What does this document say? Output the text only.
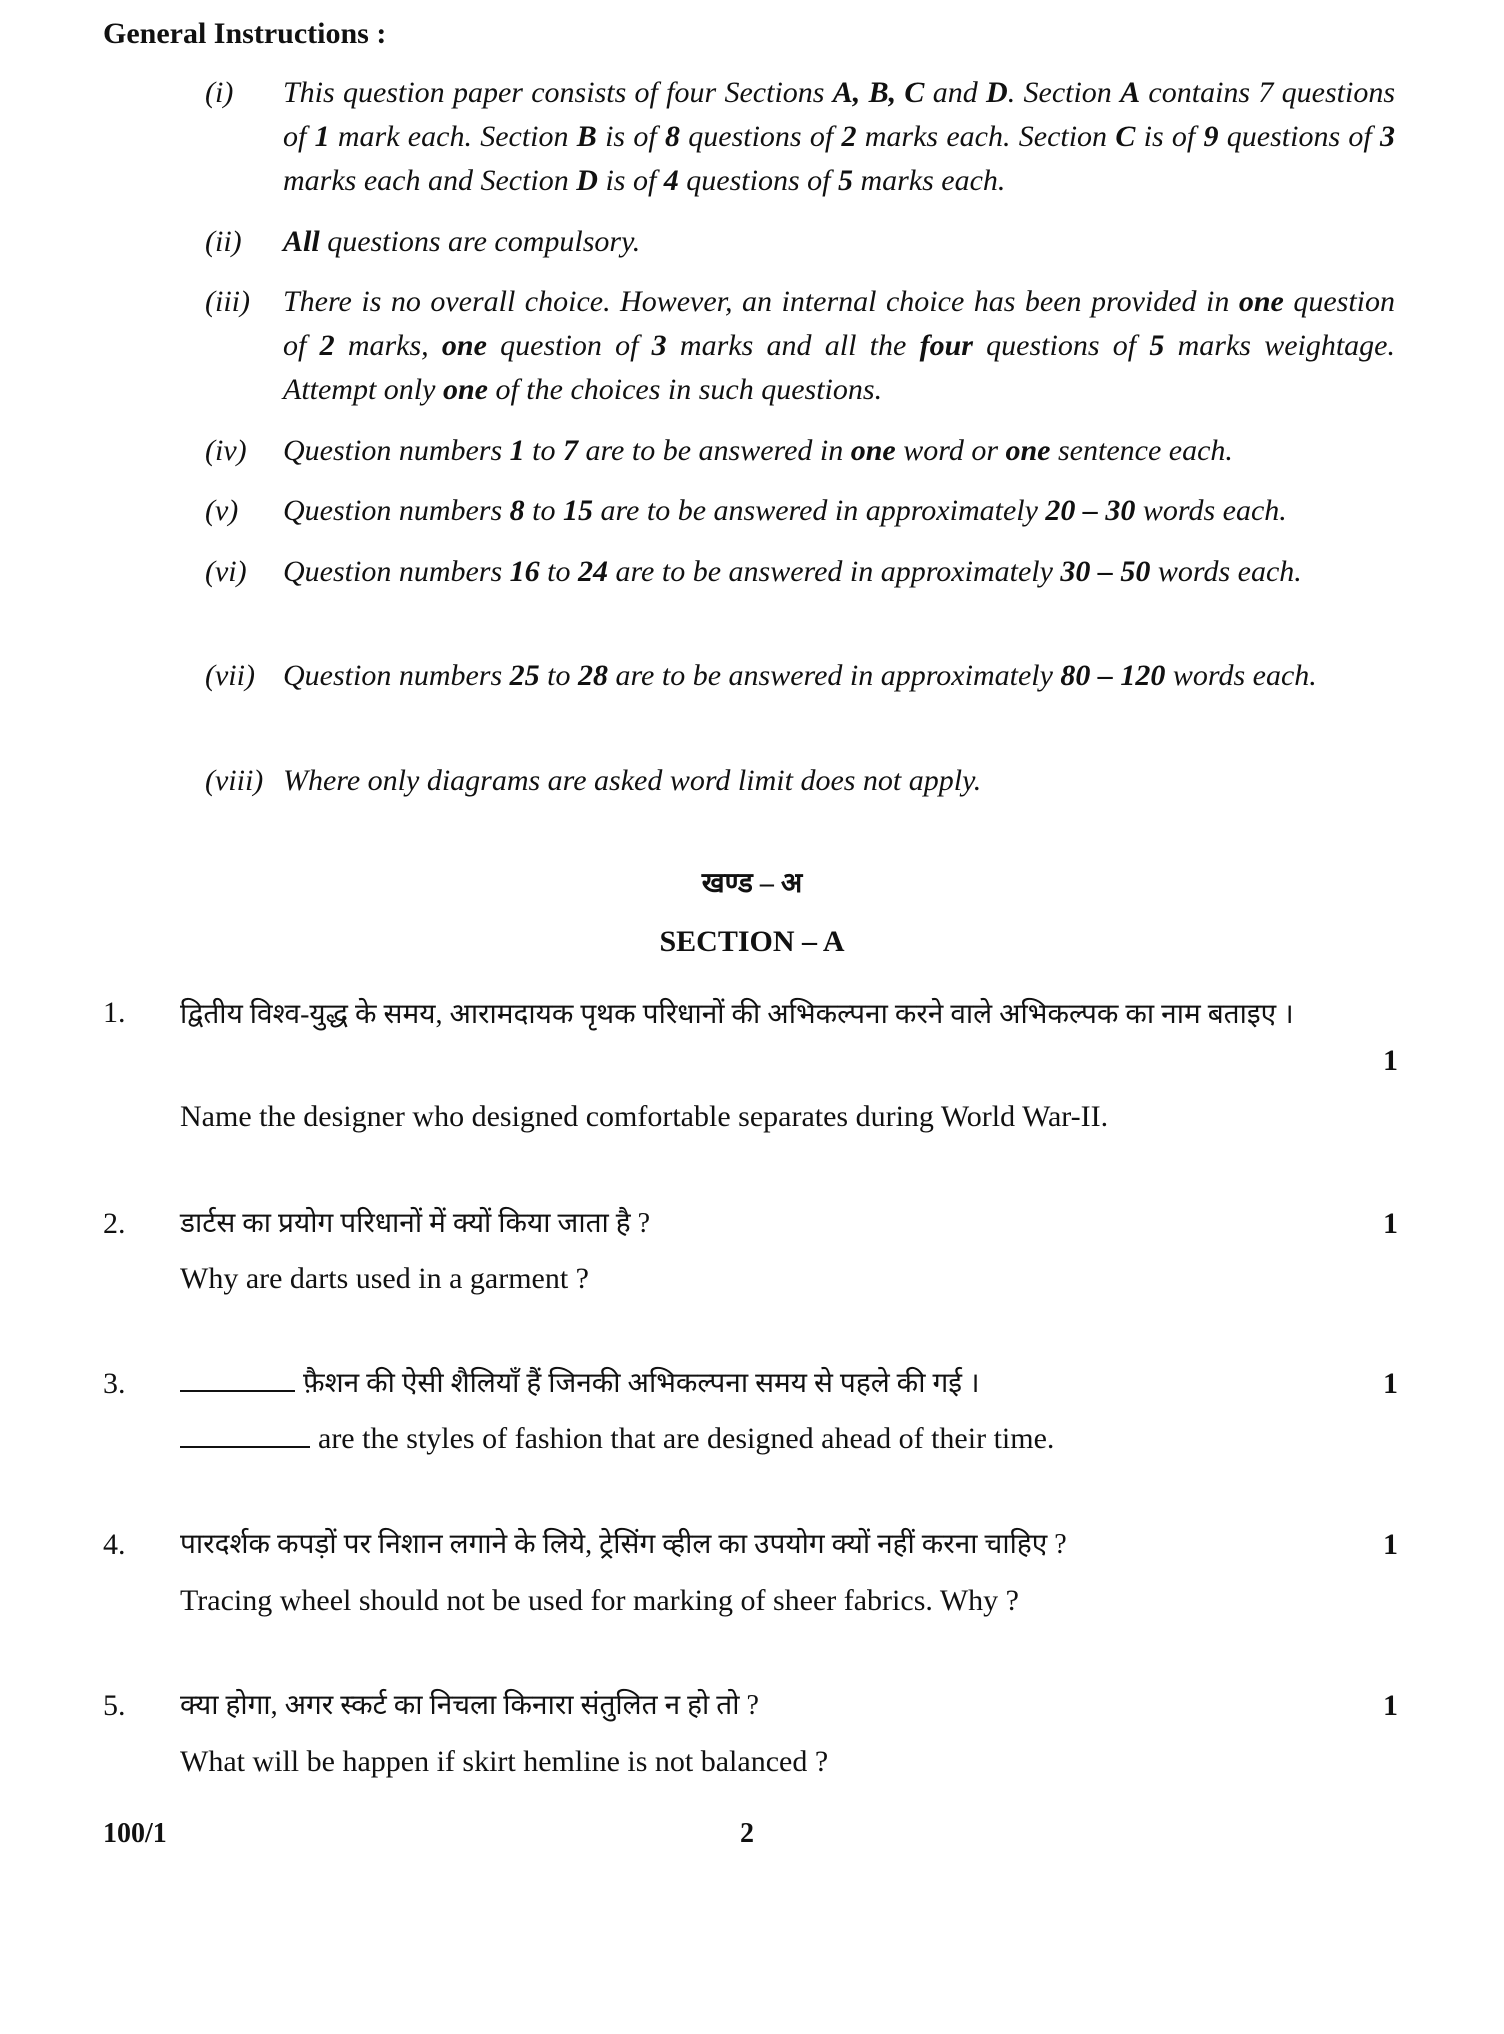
General Instructions :
(i) This question paper consists of four Sections A, B, C and D. Section A contains 7 questions of 1 mark each. Section B is of 8 questions of 2 marks each. Section C is of 9 questions of 3 marks each and Section D is of 4 questions of 5 marks each.
(ii) All questions are compulsory.
(iii) There is no overall choice. However, an internal choice has been provided in one question of 2 marks, one question of 3 marks and all the four questions of 5 marks weightage. Attempt only one of the choices in such questions.
(iv) Question numbers 1 to 7 are to be answered in one word or one sentence each.
(v) Question numbers 8 to 15 are to be answered in approximately 20 – 30 words each.
(vi) Question numbers 16 to 24 are to be answered in approximately 30 – 50 words each.
(vii) Question numbers 25 to 28 are to be answered in approximately 80 – 120 words each.
(viii) Where only diagrams are asked word limit does not apply.
खण्ड – अ
SECTION – A
1. द्वितीय विश्व-युद्ध के समय, आरामदायक पृथक परिधानों की अभिकल्पना करने वाले अभिकल्पक का नाम बताइए ।
1
Name the designer who designed comfortable separates during World War-II.
2. डार्टस का प्रयोग परिधानों में क्यों किया जाता है ?	1
Why are darts used in a garment ?
3.	फ़ैशन की ऐसी शैलियाँ हैं जिनकी अभिकल्पना समय से पहले की गई ।	1
are the styles of fashion that are designed ahead of their time.
4. पारदर्शक कपड़ों पर निशान लगाने के लिये, ट्रेसिंग व्हील का उपयोग क्यों नहीं करना चाहिए ?	1
Tracing wheel should not be used for marking of sheer fabrics. Why ?
5. क्या होगा, अगर स्कर्ट का निचला किनारा संतुलित न हो तो ?	1
What will be happen if skirt hemline is not balanced ?
100/1	2
